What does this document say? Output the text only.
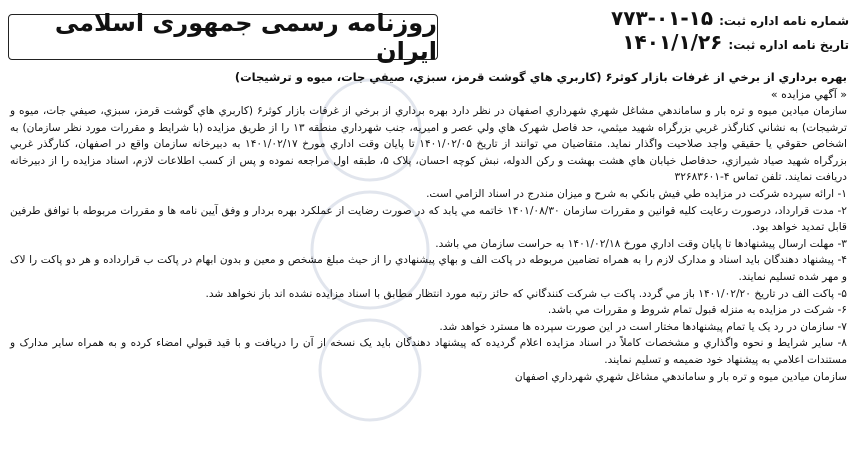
روزنامه رسمی جمهوری اسلامی ایران
شماره نامه اداره ثبت:
۷۷۳-۰۱-۱۵
تاریخ نامه اداره ثبت:
۱۴۰۱/۱/۲۶

بهره برداري از برخي از غرفات بازار كوثر۶ (كاربري هاي گوشت قرمز، سبزي، صيفي جات، ميوه و ترشيجات)

« آگهي مزايده »

سازمان ميادين ميوه و تره بار و ساماندهي مشاغل شهري شهرداري اصفهان در نظر دارد بهره برداري از برخي از غرفات بازار كوثر۶ (كاربري هاي گوشت قرمز، سبزي، صيفي جات، ميوه و ترشيجات) به نشاني كنارگذر غربي بزرگراه شهيد ميثمي، حد فاصل شهرک هاي ولي عصر و اميريه، جنب شهرداري منطقه ۱۳ را از طريق مزايده (با شرايط و مقررات مورد نظر سازمان) به اشخاص حقوقي يا حقيقي واجد صلاحيت واگذار نمايد. متقاضيان مي توانند از تاريخ ۱۴۰۱/۰۲/۰۵ تا پايان وقت اداري مورخ ۱۴۰۱/۰۲/۱۷ به دبيرخانه سازمان واقع در اصفهان، كنارگذر غربي بزرگراه شهيد صياد شيرازي، حدفاصل خيابان هاي هشت بهشت و ركن الدوله، نبش كوچه احسان، پلاک ۵، طبقه اول مراجعه نموده و پس از كسب اطلاعات لازم، اسناد مزايده را از دبيرخانه دريافت نمايند. تلفن تماس ۴-۳۲۶۸۳۶۰۱

۱- ارائه سپرده شركت در مزايده طي فيش بانكي به شرح و ميزان مندرج در اسناد الزامي است.

۲- مدت قرارداد، درصورت رعايت كليه قوانين و مقررات سازمان ۱۴۰۱/۰۸/۳۰ خاتمه مي يابد كه در صورت رضايت از عملكرد بهره بردار و وفق آيين نامه ها و مقررات مربوطه با توافق طرفين قابل تمديد خواهد بود.

۳- مهلت ارسال پيشنهادها تا پايان وقت اداري مورخ ۱۴۰۱/۰۲/۱۸ به حراست سازمان مي باشد.

۴- پيشنهاد دهندگان بايد اسناد و مدارک لازم را به همراه تضامين مربوطه در پاكت الف و بهاي پيشنهادي را از حيث مبلغ مشخص و معين و بدون ابهام در پاكت ب قرارداده و هر دو پاكت را لاک و مهر شده تسليم نمايند.

۵- پاكت الف در تاريخ ۱۴۰۱/۰۲/۲۰ باز مي گردد. پاكت ب شركت كنندگاني كه حائز رتبه مورد انتظار مطابق با اسناد مزايده نشده اند باز نخواهد شد.

۶- شركت در مزايده به منزله قبول تمام شروط و مقررات مي باشد.

۷- سازمان در رد يک يا تمام پيشنهادها مختار است در اين صورت سپرده ها مسترد خواهد شد.

۸- ساير شرايط و نحوه واگذاري و مشخصات كاملاً در اسناد مزايده اعلام گرديده كه پيشنهاد دهندگان بايد يک نسخه از آن را دريافت و با قيد قبولي امضاء كرده و به همراه ساير مدارک و مستندات اعلامي به پيشنهاد خود ضميمه و تسليم نمايند.

سازمان ميادين ميوه و تره بار و ساماندهي مشاغل شهري شهرداري اصفهان
